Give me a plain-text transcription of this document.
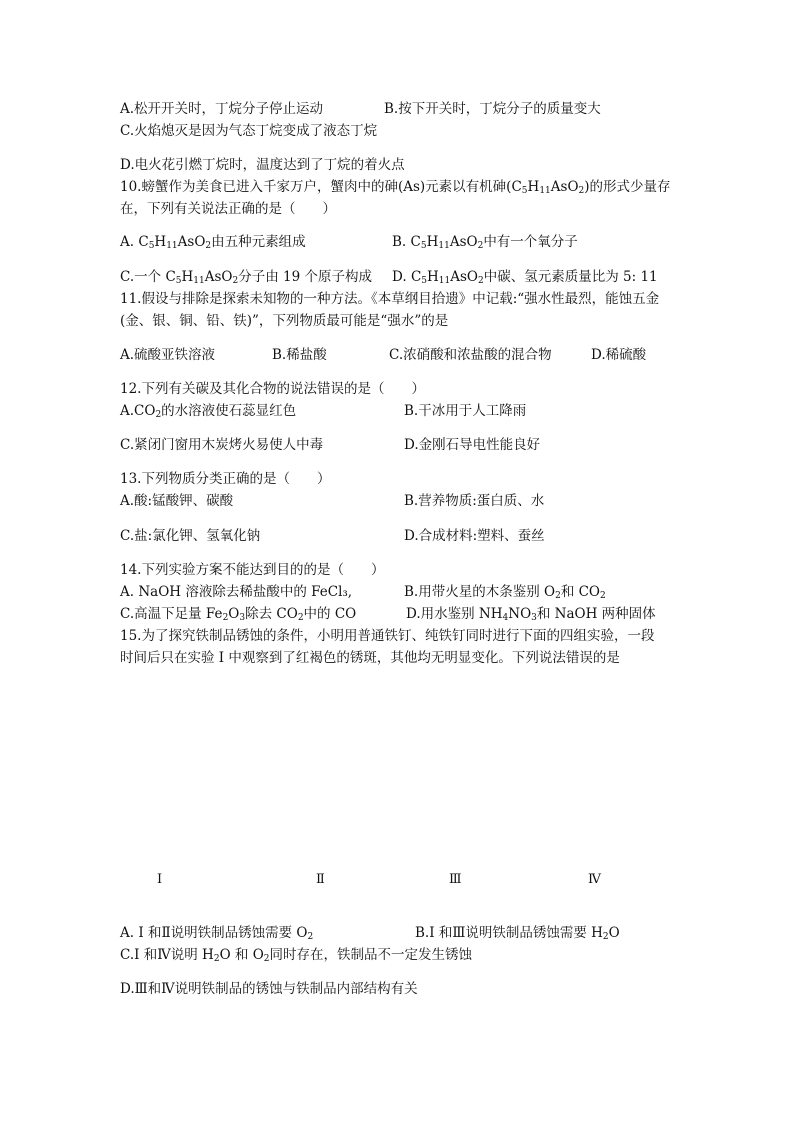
A.松开开关时，丁烷分子停止运动	B.按下开关时，丁烷分子的质量变大
C.火焰熄灭是因为气态丁烷变成了液态丁烷
D.电火花引燃丁烷时，温度达到了丁烷的着火点
10.螃蟹作为美食已进入千家万户，蟹肉中的砷(As)元素以有机砷$(C_5H_{11}AsO_2)$的形式少量存
在，下列有关说法正确的是（　　）
A. $C_5H_{11}AsO_2$由五种元素组成	B. $C_5H_{11}AsO_2$中有一个氧分子
C.一个 $C_5H_{11}AsO_2$分子由 19 个原子构成 D. $C_5H_{11}AsO_2$中碳、氢元素质量比为 5: 11
11.假设与排除是探索未知物的一种方法。《本草纲目拾遗》中记载:“强水性最烈，能蚀五金
(金、银、铜、铅、铁)”，下列物质最可能是“强水”的是
A.硫酸亚铁溶液	B.稀盐酸	C.浓硝酸和浓盐酸的混合物	D.稀硫酸
12.下列有关碳及其化合物的说法错误的是（　　）
$A.CO_2$的水溶液使石蕊显红色	B.干冰用于人工降雨
C.紧闭门窗用木炭烤火易使人中毒	D.金刚石导电性能良好
13.下列物质分类正确的是（　　）
A.酸:锰酸钾、碳酸	B.营养物质:蛋白质、水
C.盐:氯化钾、氢氧化钠	D.合成材料:塑料、蚕丝
14.下列实验方案不能达到目的的是（　　）
A. NaOH 溶液除去稀盐酸中的 FeCl₃,	B.用带火星的木条鉴别 $O_2$和 $CO_2$
C.高温下足量 $Fe_2O_3$除去 $CO_2$中的 CO	D.用水鉴别 $NH_4NO_3$和 NaOH 两种固体
15.为了探究铁制品锈蚀的条件，小明用普通铁钉、纯铁钉同时进行下面的四组实验，一段
时间后只在实验 I 中观察到了红褐色的锈斑，其他均无明显变化。下列说法错误的是
Ⅰ	Ⅱ	Ⅲ	Ⅳ
A. I 和Ⅱ说明铁制品锈蚀需要 $O_2$	B.I 和Ⅲ说明铁制品锈蚀需要 $H_2O$
C.I 和Ⅳ说明 $H_2O$ 和 $O_2$同时存在，铁制品不一定发生锈蚀
D.Ⅲ和Ⅳ说明铁制品的锈蚀与铁制品内部结构有关
